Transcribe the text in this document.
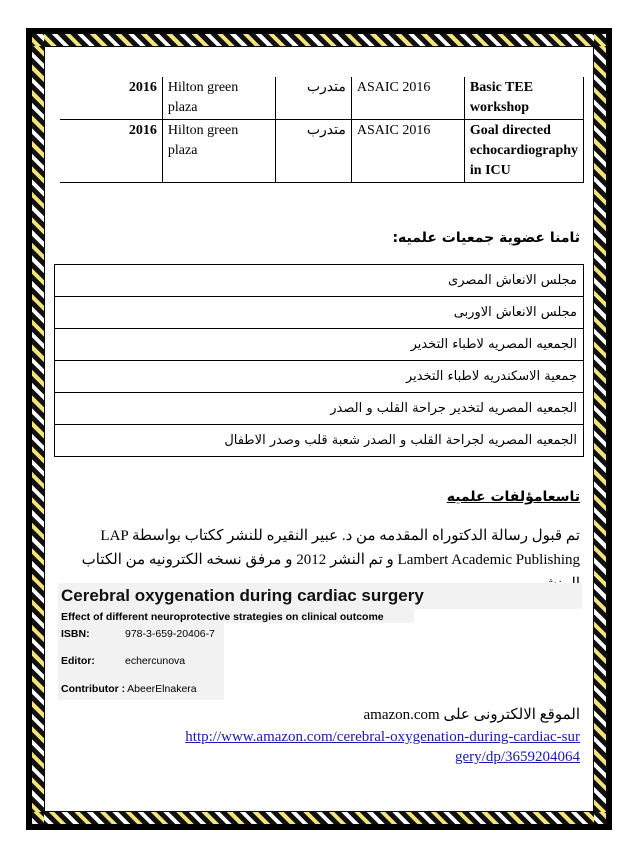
2016	Hilton green plaza	متدرب	ASAIC 2016	Basic TEE workshop
2016	Hilton green plaza	متدرب	ASAIC 2016	Goal directed echocardiography in ICU
ثامنا عضوية جمعيات علميه:
مجلس الانعاش المصرى
مجلس الانعاش الاوربى
الجمعيه المصريه لاطباء التخدير
جمعية الاسكندريه لاطباء التخدير
الجمعيه المصريه لتخدير جراحة القلب و الصدر
الجمعيه المصريه لجراحة القلب و الصدر شعبة قلب وصدر الاطفال
تاسعامؤلفات علميه
تم قبول رسالة الدكتوراه المقدمه من د. عبير النقيره للنشر ككتاب بواسطة LAP Lambert Academic Publishing و تم النشر 2012 و مرفق نسخه الكترونيه من الكتاب
Cerebral oxygenation during cardiac surgery
Effect of different neuroprotective strategies on clinical outcome
ISBN:	978-3-659-20406-7
Editor:	echercunova
Contributor : AbeerElnakera
الموقع الالكترونى على amazon.com
http://www.amazon.com/cerebral-oxygenation-during-cardiac-surgery/dp/3659204064
